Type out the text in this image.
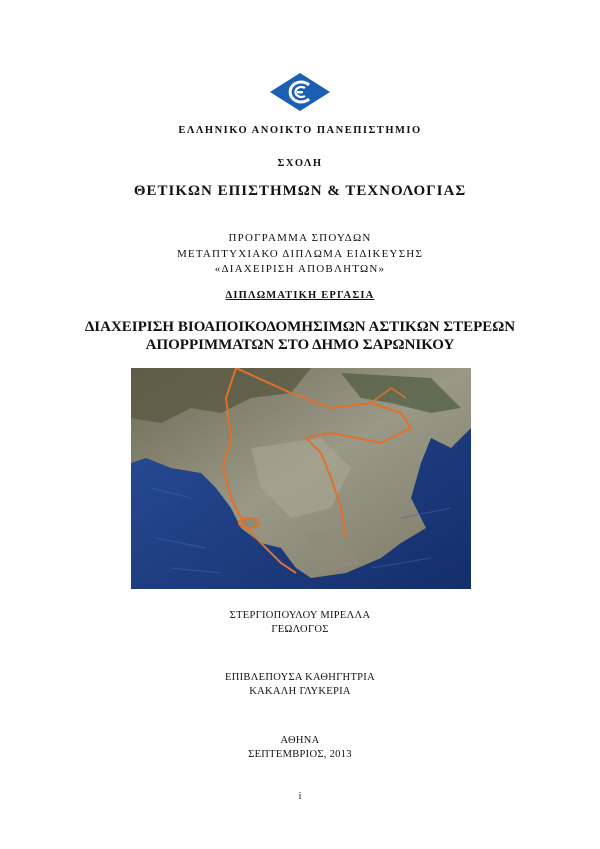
ΕΛΛΗΝΙΚΟ ΑΝΟΙΚΤΟ ΠΑΝΕΠΙΣΤΗΜΙΟ
ΣΧΟΛΗ
ΘΕΤΙΚΩΝ ΕΠΙΣΤΗΜΩΝ & ΤΕΧΝΟΛΟΓΙΑΣ
ΠΡΟΓΡΑΜΜΑ ΣΠΟΥΔΩΝ
ΜΕΤΑΠΤΥΧΙΑΚΟ ΔΙΠΛΩΜΑ ΕΙΔΙΚΕΥΣΗΣ
«ΔΙΑΧΕΙΡΙΣΗ ΑΠΟΒΛΗΤΩΝ»
ΔΙΠΛΩΜΑΤΙΚΗ ΕΡΓΑΣΙΑ
ΔΙΑΧΕΙΡΙΣΗ ΒΙΟΑΠΟΙΚΟΔΟΜΗΣΙΜΩΝ ΑΣΤΙΚΩΝ ΣΤΕΡΕΩΝ
ΑΠΟΡΡΙΜΜΑΤΩΝ ΣΤΟ ΔΗΜΟ ΣΑΡΩΝΙΚΟΥ
ΣΤΕΡΓΙΟΠΟΥΛΟΥ ΜΙΡΕΛΛΑ
ΓΕΩΛΟΓΟΣ
ΕΠΙΒΛΕΠΟΥΣΑ ΚΑΘΗΓΗΤΡΙΑ
ΚΑΚΑΛΗ ΓΛΥΚΕΡΙΑ
ΑΘΗΝΑ
ΣΕΠΤΕΜΒΡΙΟΣ, 2013
i
